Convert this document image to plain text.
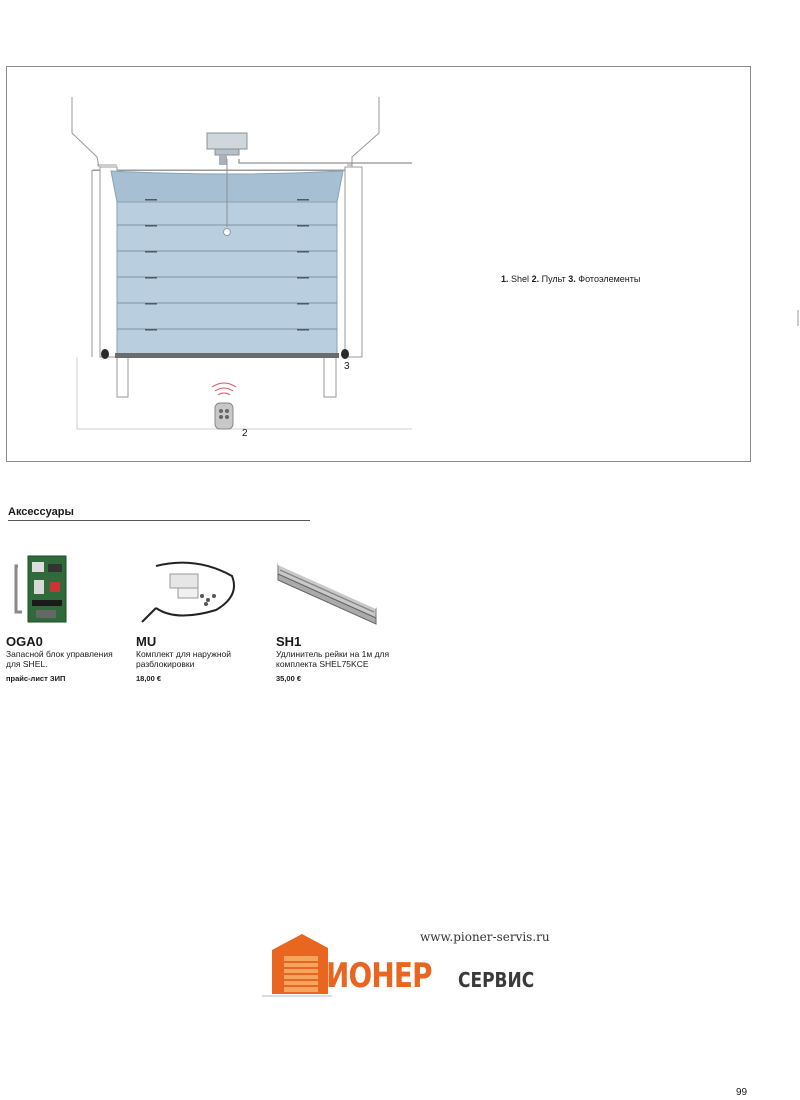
2
3
1. Shel 2. Пульт 3. Фотоэлементы
Аксессуары
OGA0
Запасной блок управления для SHEL.
прайс-лист ЗИП
MU
Комплект для наружной разблокировки
18,00 €
SH1
Удлинитель рейки на 1м для комплекта SHEL75KCE
35,00 €
www.pioner-servis.ru
ИОНЕР СЕРВИС
99
